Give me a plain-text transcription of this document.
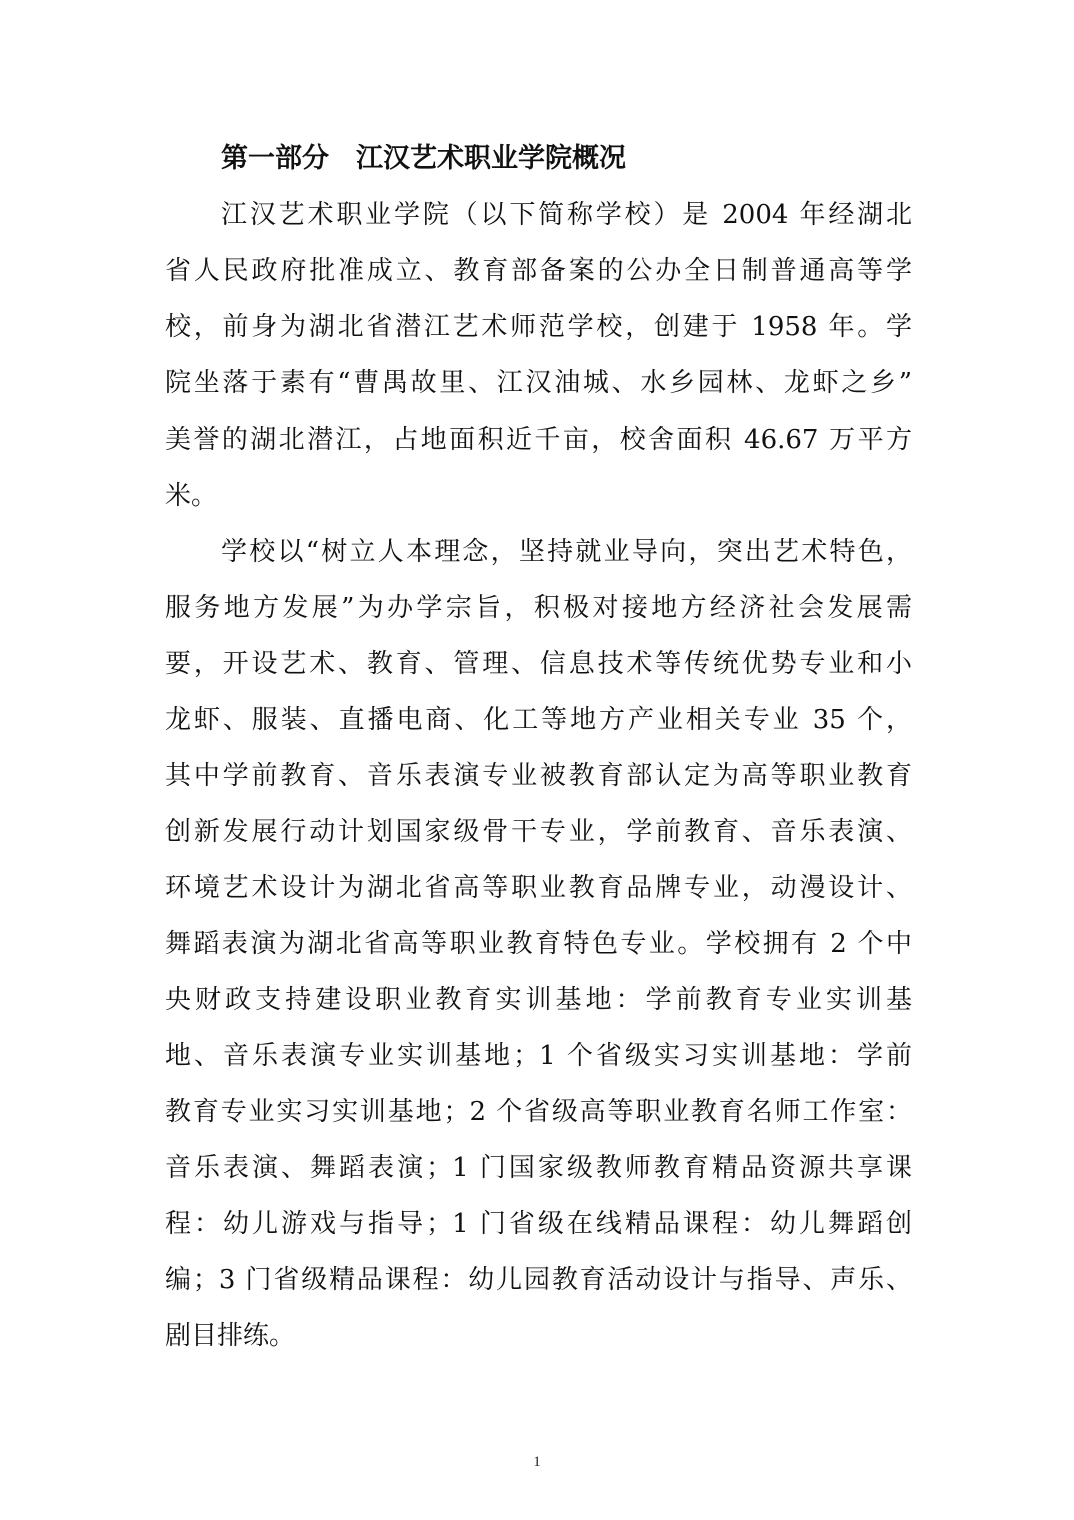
第一部分　江汉艺术职业学院概况

江汉艺术职业学院（以下简称学校）是 2004 年经湖北

省人民政府批准成立、教育部备案的公办全日制普通高等学

校，前身为湖北省潜江艺术师范学校，创建于 1958 年。学

院坐落于素有“曹禺故里、江汉油城、水乡园林、龙虾之乡”

美誉的湖北潜江，占地面积近千亩，校舍面积 46.67 万平方

米。

学校以“树立人本理念，坚持就业导向，突出艺术特色，

服务地方发展”为办学宗旨，积极对接地方经济社会发展需

要，开设艺术、教育、管理、信息技术等传统优势专业和小

龙虾、服装、直播电商、化工等地方产业相关专业 35 个，

其中学前教育、音乐表演专业被教育部认定为高等职业教育

创新发展行动计划国家级骨干专业，学前教育、音乐表演、

环境艺术设计为湖北省高等职业教育品牌专业，动漫设计、

舞蹈表演为湖北省高等职业教育特色专业。学校拥有 2 个中

央财政支持建设职业教育实训基地：学前教育专业实训基

地、音乐表演专业实训基地；1 个省级实习实训基地：学前

教育专业实习实训基地；2 个省级高等职业教育名师工作室：

音乐表演、舞蹈表演；1 门国家级教师教育精品资源共享课

程：幼儿游戏与指导；1 门省级在线精品课程：幼儿舞蹈创

编；3 门省级精品课程：幼儿园教育活动设计与指导、声乐、

剧目排练。

1
